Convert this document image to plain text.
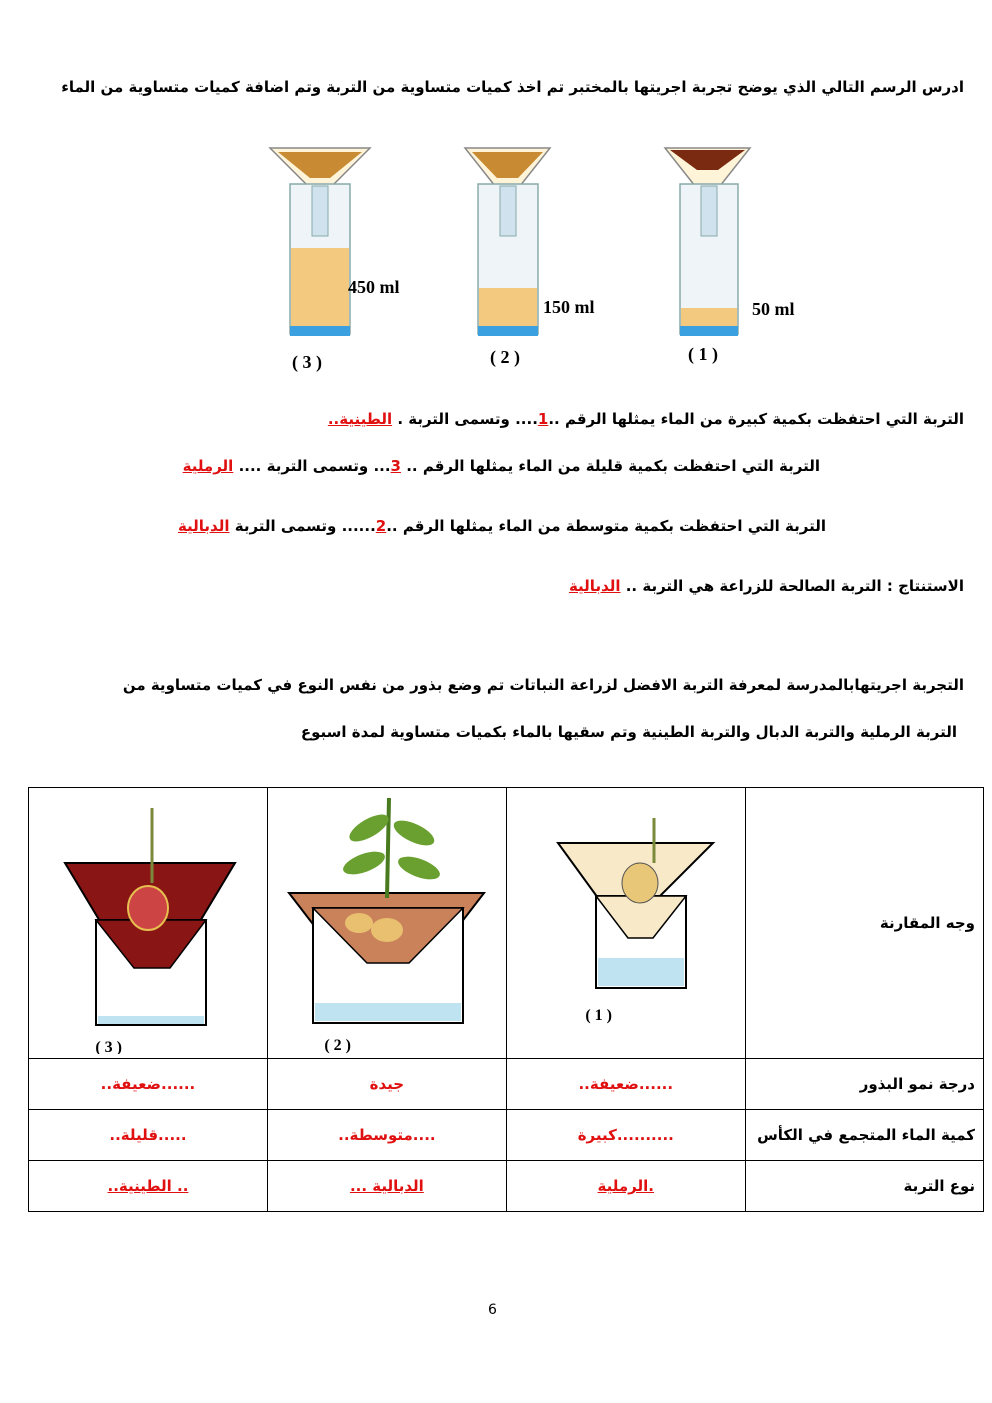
ادرس الرسم التالي الذي يوضح تجربة اجريتها بالمختبر تم اخذ كميات متساوية من التربة وتم اضافة كميات متساوية من الماء
450 ml
( 3 )
150 ml
( 2 )
50 ml
( 1 )
التربة التي احتفظت بكمية كبيرة من الماء يمثلها الرقم ..1.... وتسمى التربة . الطينية..
التربة التي احتفظت بكمية قليلة من الماء يمثلها الرقم .. 3... وتسمى التربة .... الرملية
التربة التي احتفظت بكمية متوسطة من الماء يمثلها الرقم ..2...... وتسمى التربة الدبالية
الاستنتاج : التربة الصالحة للزراعة هي التربة .. الدبالية
التجربة اجريتهابالمدرسة لمعرفة التربة الافضل لزراعة النباتات تم وضع بذور من نفس النوع في كميات متساوية من
التربة الرملية والتربة الدبال والتربة الطينية وتم سقيها بالماء بكميات متساوية لمدة اسبوع
وجه المقارنة	( 1 )	( 2 )	( 3 )

درجة نمو البذور	......ضعيفة..	جيدة	......ضعيفة..
كمية الماء المتجمع في الكأس	..........كبيرة	....متوسطة..	.....قليلة..
نوع التربة	.الرملية	الدبالية ...	.. الطينية..
6
